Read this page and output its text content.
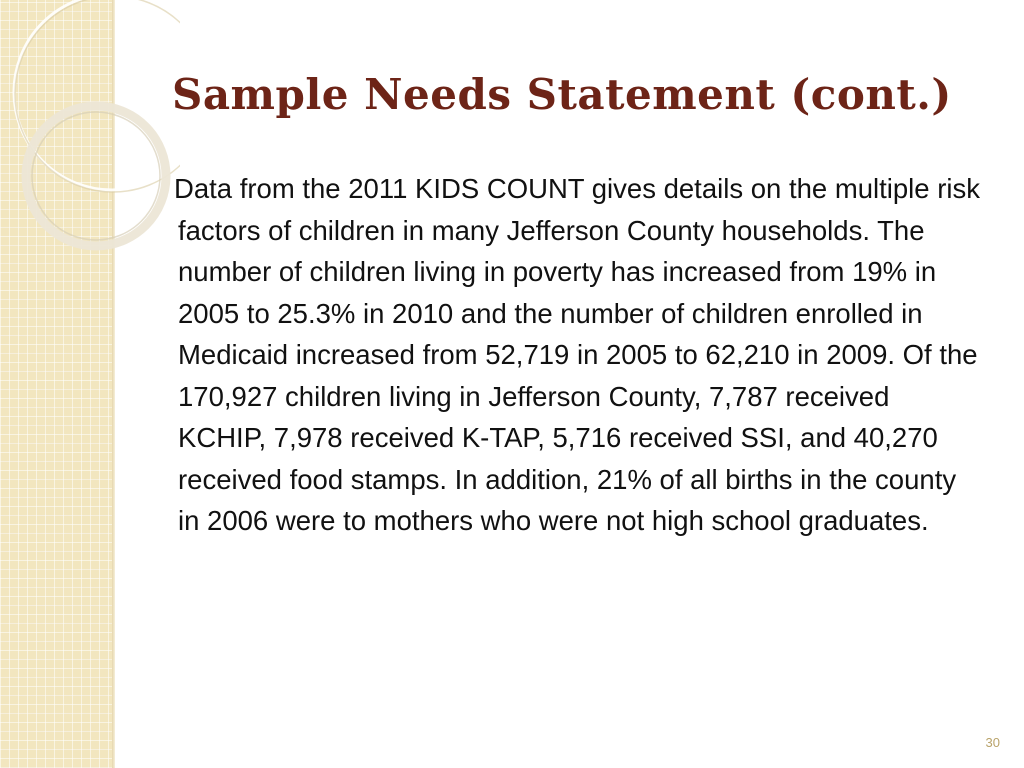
Sample Needs Statement (cont.)

Data from the 2011 KIDS COUNT gives details on the multiple risk factors of children in many Jefferson County households. The number of children living in poverty has increased from 19% in 2005 to 25.3% in 2010 and the number of children enrolled in Medicaid increased from 52,719 in 2005 to 62,210 in 2009. Of the 170,927 children living in Jefferson County, 7,787 received KCHIP, 7,978 received K-TAP, 5,716 received SSI, and 40,270 received food stamps. In addition, 21% of all births in the county in 2006 were to mothers who were not high school graduates.

30
